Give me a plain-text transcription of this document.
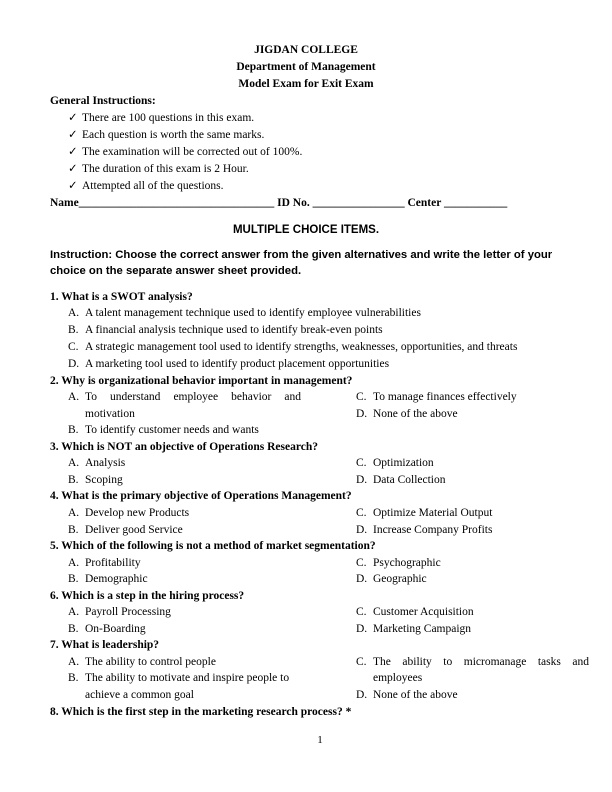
JIGDAN COLLEGE
Department of Management
Model Exam for Exit Exam
General Instructions:
✓ There are 100 questions in this exam.
✓ Each question is worth the same marks.
✓ The examination will be corrected out of 100%.
✓ The duration of this exam is 2 Hour.
✓ Attempted all of the questions.
Name__________________________________ ID No. ________________ Center ___________
MULTIPLE CHOICE ITEMS.
Instruction: Choose the correct answer from the given alternatives and write the letter of your
choice on the separate answer sheet provided.
1. What is a SWOT analysis?
A. A talent management technique used to identify employee vulnerabilities
B. A financial analysis technique used to identify break-even points
C. A strategic management tool used to identify strengths, weaknesses, opportunities, and threats
D. A marketing tool used to identify product placement opportunities
2. Why is organizational behavior important in management?
A. To understand employee behavior and
motivation
B. To identify customer needs and wants
C. To manage finances effectively
D. None of the above
3. Which is NOT an objective of Operations Research?
A. Analysis
B. Scoping
C. Optimization
D. Data Collection
4. What is the primary objective of Operations Management?
A. Develop new Products
B. Deliver good Service
C. Optimize Material Output
D. Increase Company Profits
5. Which of the following is not a method of market segmentation?
A. Profitability
B. Demographic
C. Psychographic
D. Geographic
6. Which is a step in the hiring process?
A. Payroll Processing
B. On-Boarding
C. Customer Acquisition
D. Marketing Campaign
7. What is leadership?
A. The ability to control people
B. The ability to motivate and inspire people to
achieve a common goal
C. The ability to micromanage tasks and
employees
D. None of the above
8. Which is the first step in the marketing research process? *
1
